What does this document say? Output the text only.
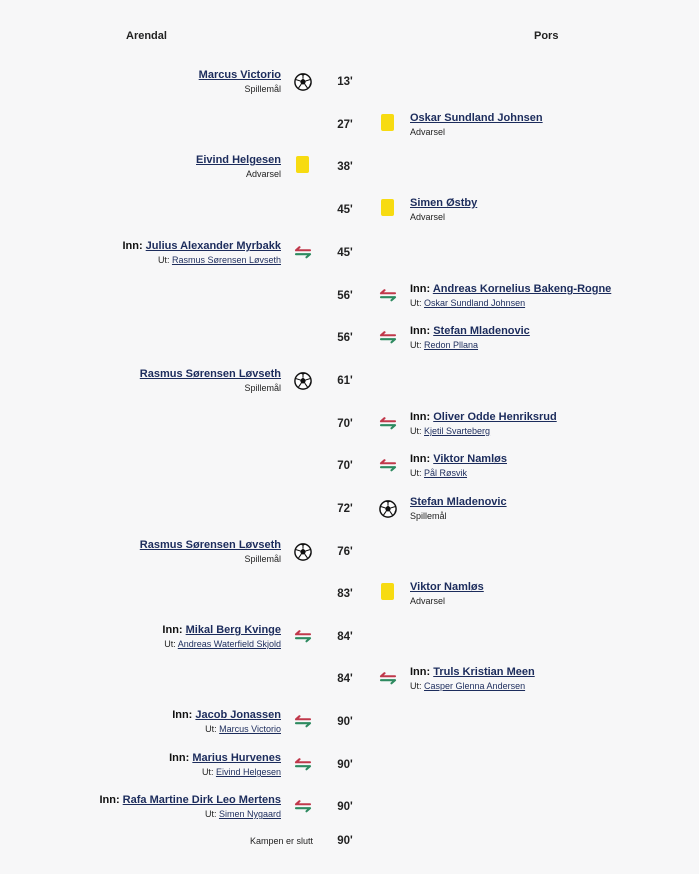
Arendal	Pors
13'
Marcus Victorio
Spillemål
27'
Oskar Sundland Johnsen
Advarsel
38'
Eivind Helgesen
Advarsel
45'
Simen Østby
Advarsel
45'
Inn: Julius Alexander Myrbakk
Ut: Rasmus Sørensen Løvseth
56'
Inn: Andreas Kornelius Bakeng-Rogne
Ut: Oskar Sundland Johnsen
56'
Inn: Stefan Mladenovic
Ut: Redon Pllana
61'
Rasmus Sørensen Løvseth
Spillemål
70'
Inn: Oliver Odde Henriksrud
Ut: Kjetil Svarteberg
70'
Inn: Viktor Namløs
Ut: Pål Røsvik
72'
Stefan Mladenovic
Spillemål
76'
Rasmus Sørensen Løvseth
Spillemål
83'
Viktor Namløs
Advarsel
84'
Inn: Mikal Berg Kvinge
Ut: Andreas Waterfield Skjold
84'
Inn: Truls Kristian Meen
Ut: Casper Glenna Andersen
90'
Inn: Jacob Jonassen
Ut: Marcus Victorio
90'
Inn: Marius Hurvenes
Ut: Eivind Helgesen
90'
Inn: Rafa Martine Dirk Leo Mertens
Ut: Simen Nygaard
Kampen er slutt	90'
